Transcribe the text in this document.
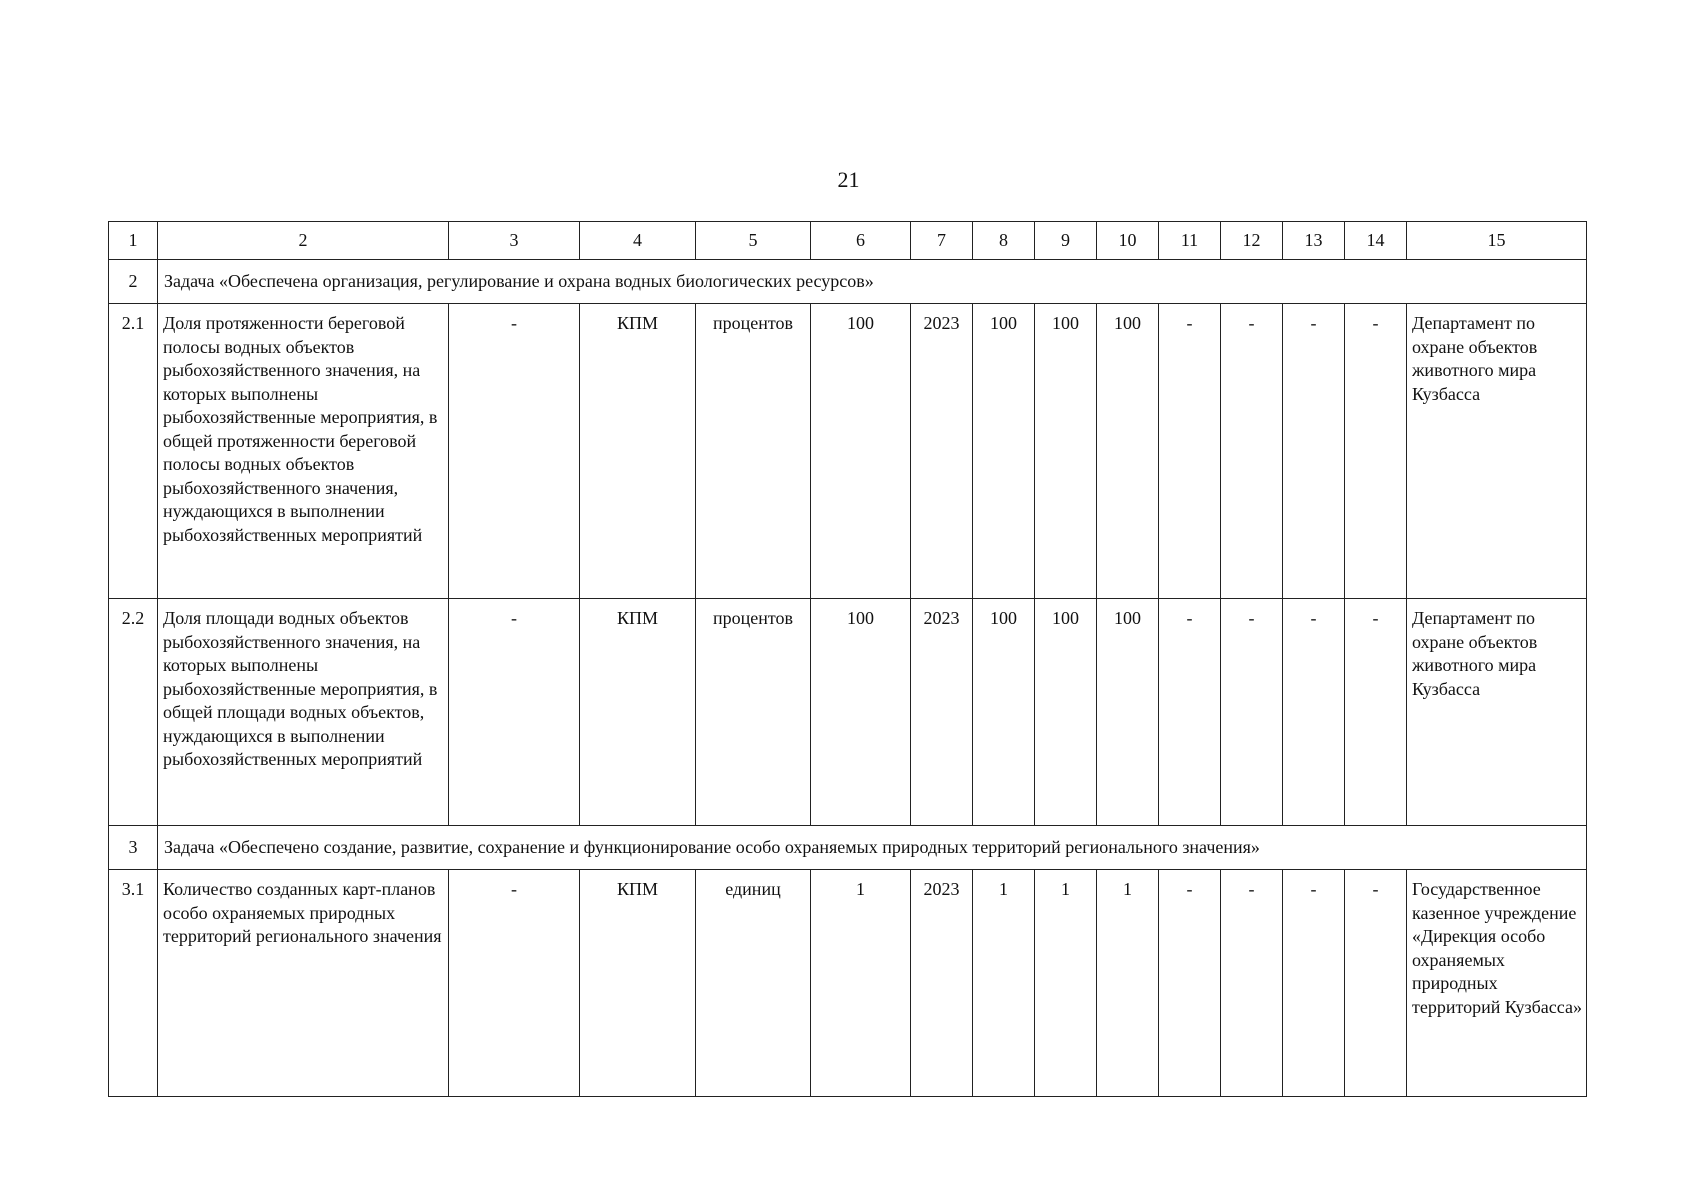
21
1	2	3	4	5	6	7	8	9	10	11	12	13	14	15
2	Задача «Обеспечена организация, регулирование и охрана водных биологических ресурсов»													
2.1	Доля протяженности береговой полосы водных объектов рыбохозяйственного значения, на которых выполнены рыбохозяйственные мероприятия, в общей протяженности береговой полосы водных объектов рыбохозяйственного значения, нуждающихся в выполнении рыбохозяйственных мероприятий	-	КПМ	процентов	100	2023	100	100	100	-	-	-	-	Департамент по охране объектов животного мира Кузбасса
2.2	Доля площади водных объектов рыбохозяйственного значения, на которых выполнены рыбохозяйственные мероприятия, в общей площади водных объектов, нуждающихся в выполнении рыбохозяйственных мероприятий	-	КПМ	процентов	100	2023	100	100	100	-	-	-	-	Департамент по охране объектов животного мира Кузбасса
3	Задача «Обеспечено создание, развитие, сохранение и функционирование особо охраняемых природных территорий регионального значения»													
3.1	Количество созданных карт-планов особо охраняемых природных территорий регионального значения	-	КПМ	единиц	1	2023	1	1	1	-	-	-	-	Государственное казенное учреждение «Дирекция особо охраняемых природных территорий Кузбасса»
